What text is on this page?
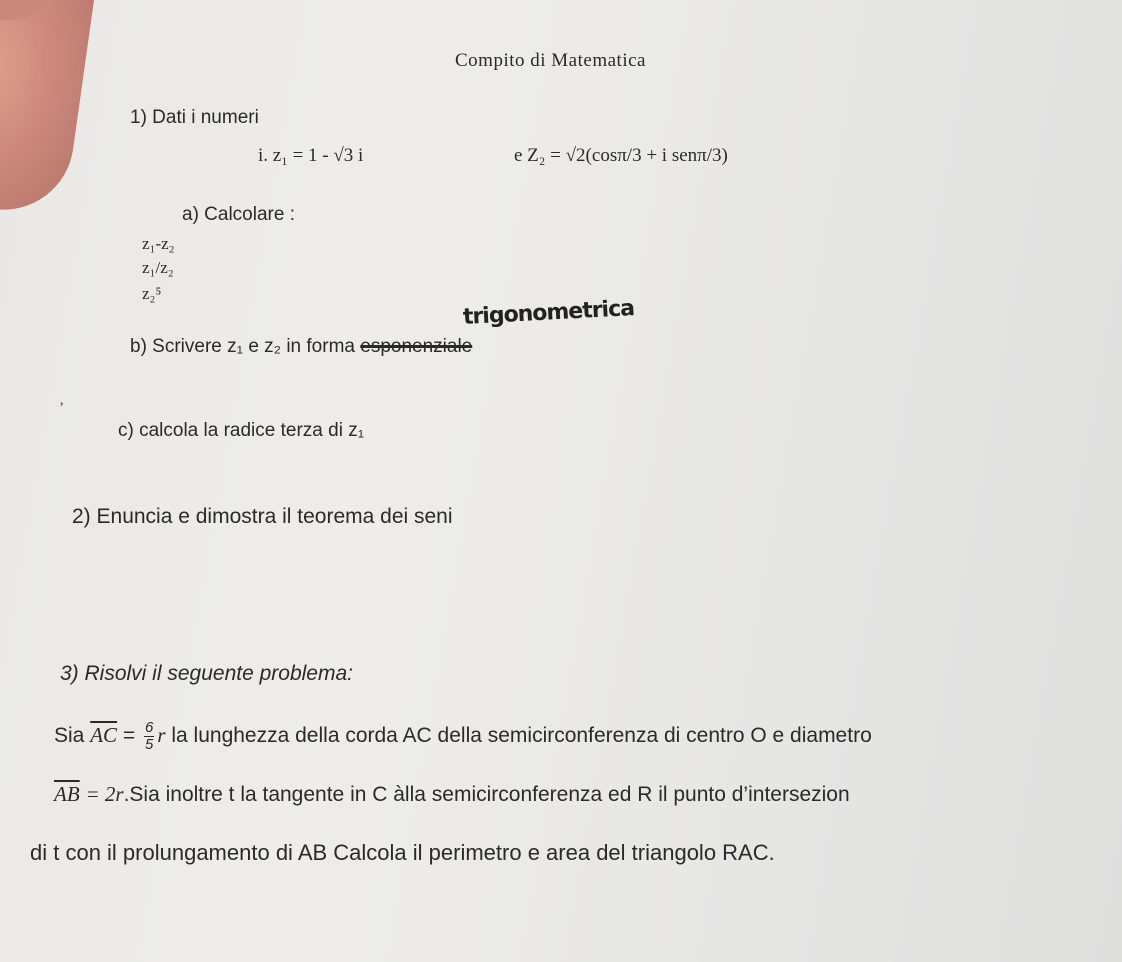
Compito di Matematica
1) Dati i numeri
i. z₁ = 1 - √3 i	e Z₂ = √2(cosπ/3 + i senπ/3)
a) Calcolare :
z₁-z₂
z₁/z₂
z₂⁵
trigonometrica
b) Scrivere z₁ e z₂ in forma esponenziale
,
c) calcola la radice terza di z₁
2) Enuncia e dimostra il teorema dei seni
3) Risolvi il seguente problema:
Sia $\overline{AC} = \frac{6}{5}$ r la lunghezza della corda AC della semicirconferenza di centro O e diametro
$\overline{AB} = 2r.Sia$ inoltre t la tangente in C àlla semicirconferenza ed R il punto d’intersezion
di t con il prolungamento di AB Calcola il perimetro e area del triangolo RAC.
